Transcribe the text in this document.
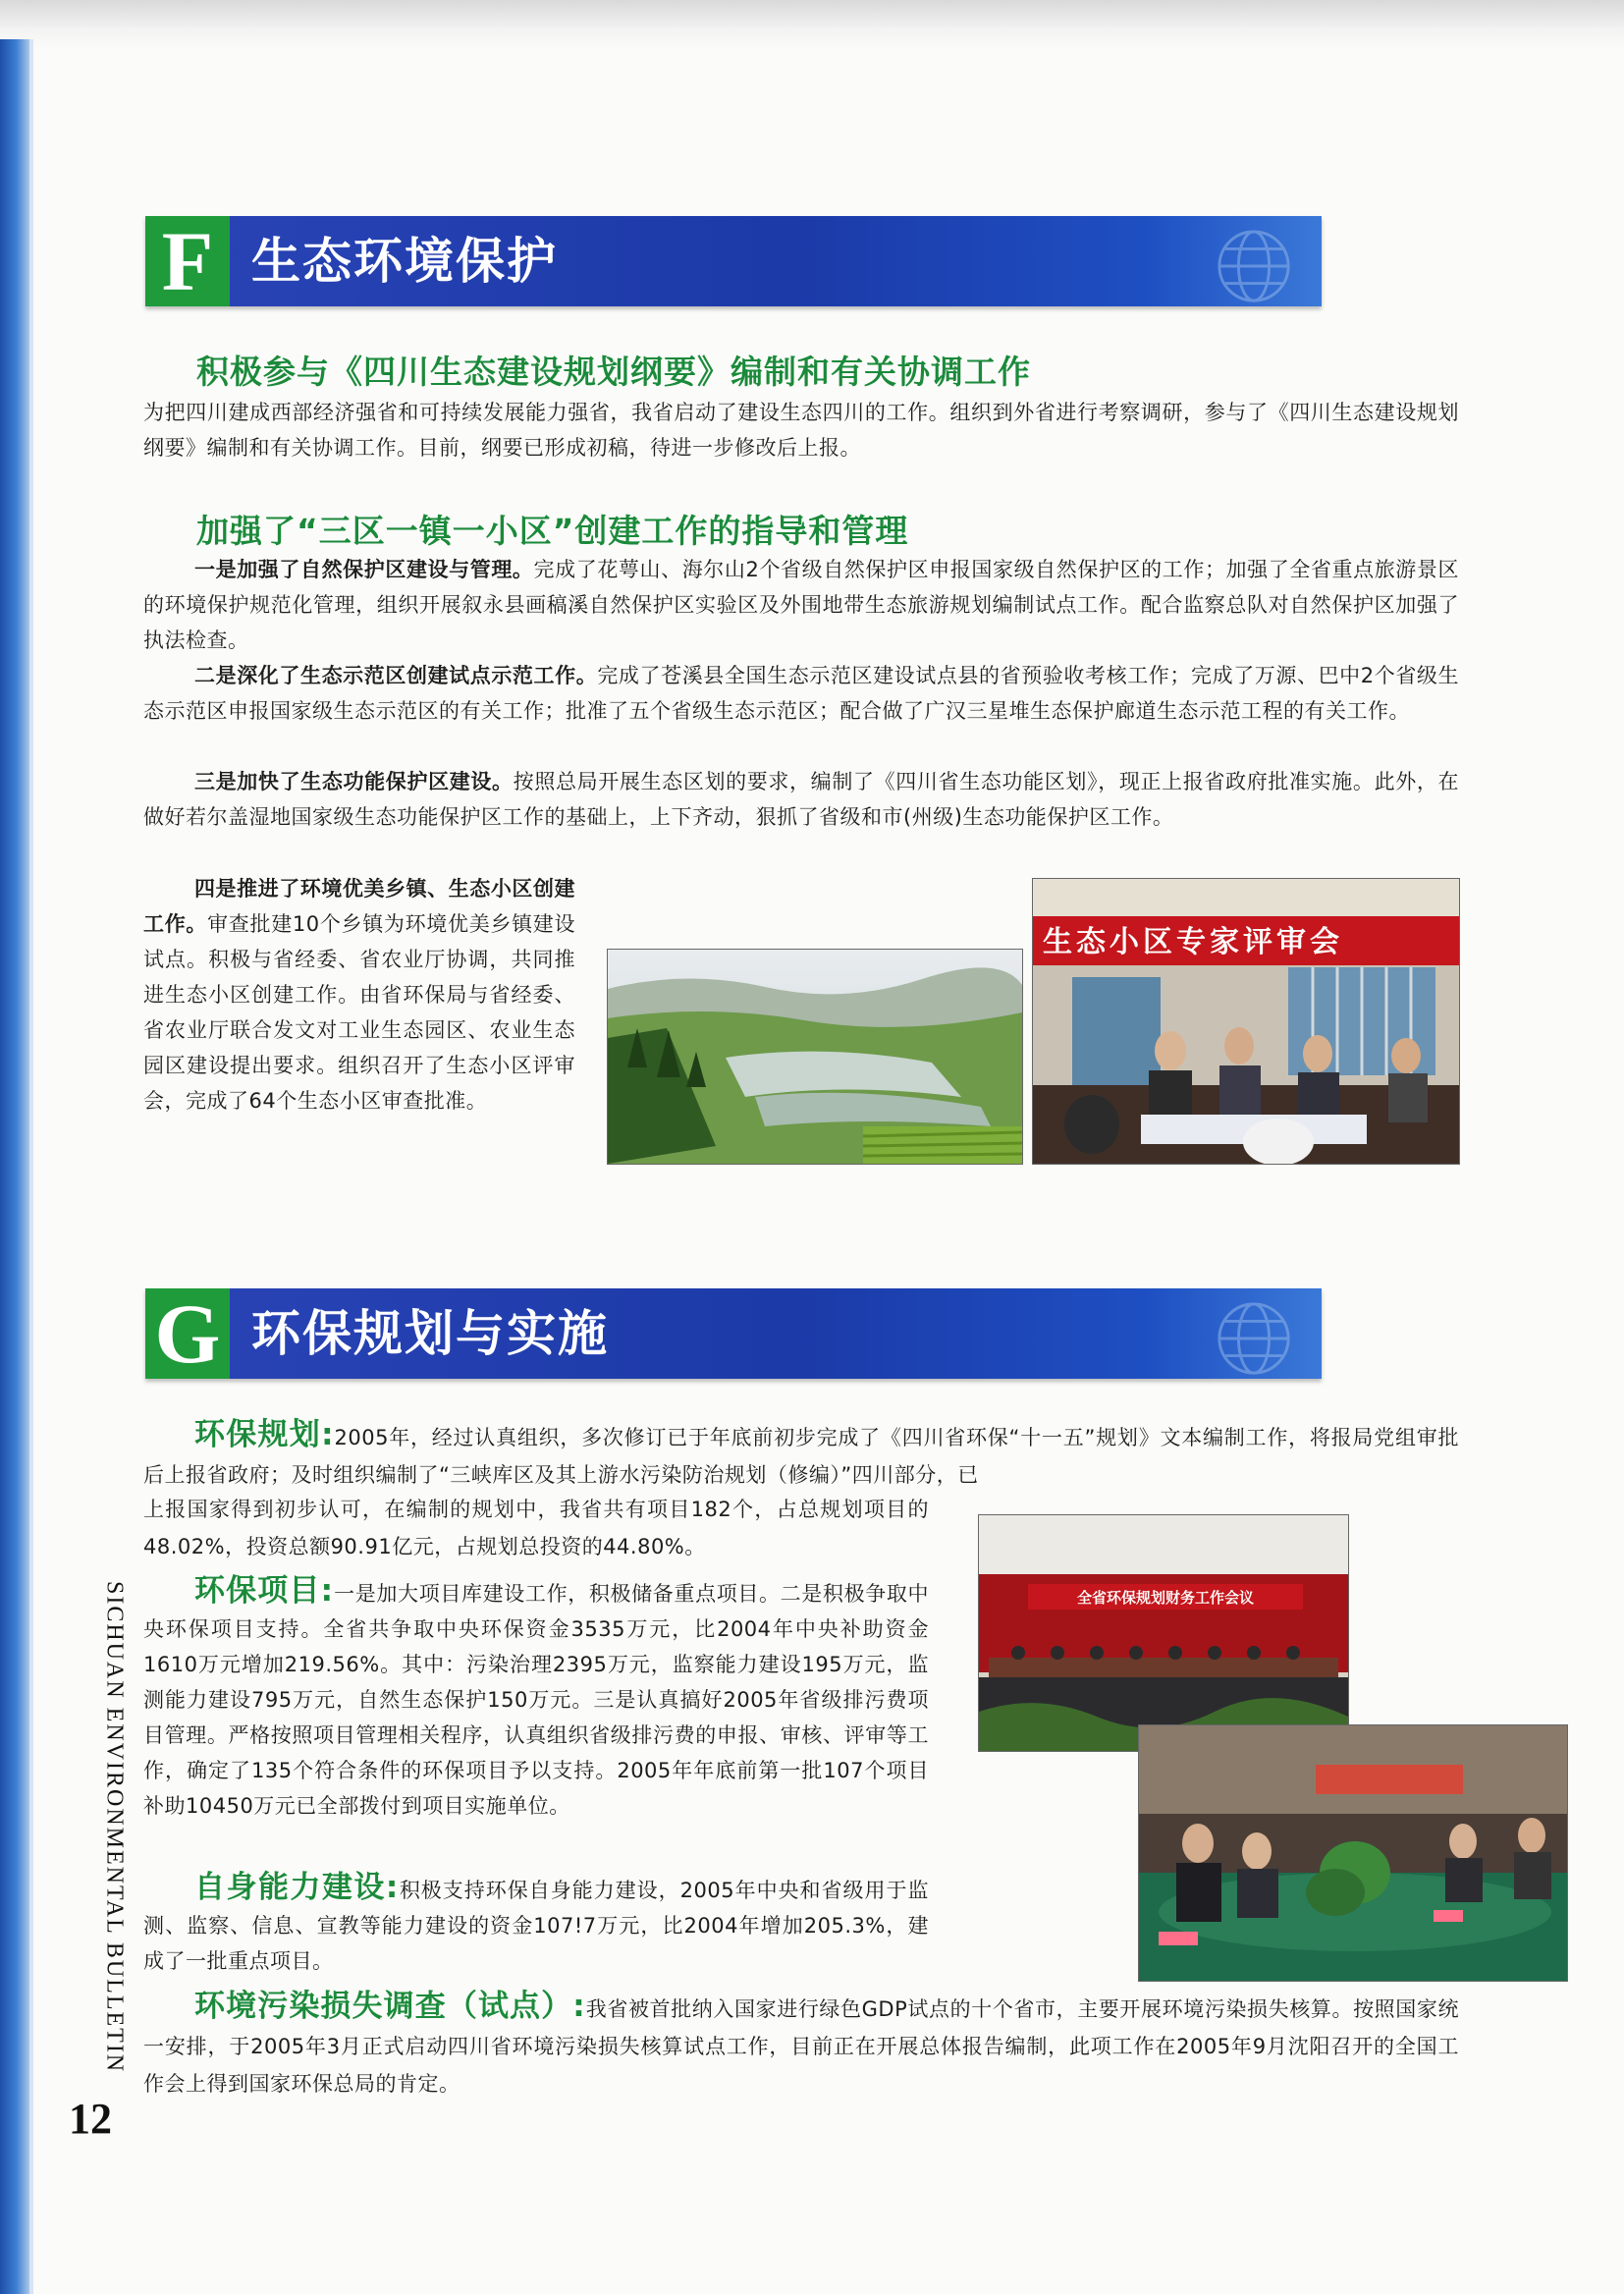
F 生态环境保护
积极参与《四川生态建设规划纲要》编制和有关协调工作
为把四川建成西部经济强省和可持续发展能力强省，我省启动了建设生态四川的工作。组织到外省进行考察调研，参与了《四川生态建设规划纲要》编制和有关协调工作。目前，纲要已形成初稿，待进一步修改后上报。
加强了“三区一镇一小区”创建工作的指导和管理
一是加强了自然保护区建设与管理。完成了花萼山、海尔山2个省级自然保护区申报国家级自然保护区的工作；加强了全省重点旅游景区的环境保护规范化管理，组织开展叙永县画稿溪自然保护区实验区及外围地带生态旅游规划编制试点工作。配合监察总队对自然保护区加强了执法检查。
二是深化了生态示范区创建试点示范工作。完成了苍溪县全国生态示范区建设试点县的省预验收考核工作；完成了万源、巴中2个省级生态示范区申报国家级生态示范区的有关工作；批准了五个省级生态示范区；配合做了广汉三星堆生态保护廊道生态示范工程的有关工作。
三是加快了生态功能保护区建设。按照总局开展生态区划的要求，编制了《四川省生态功能区划》，现正上报省政府批准实施。此外，在做好若尔盖湿地国家级生态功能保护区工作的基础上，上下齐动，狠抓了省级和市(州级)生态功能保护区工作。
四是推进了环境优美乡镇、生态小区创建工作。审查批建10个乡镇为环境优美乡镇建设试点。积极与省经委、省农业厅协调，共同推进生态小区创建工作。由省环保局与省经委、省农业厅联合发文对工业生态园区、农业生态园区建设提出要求。组织召开了生态小区评审会，完成了64个生态小区审查批准。
生态小区专家评审会
G 环保规划与实施
环保规划:2005年，经过认真组织，多次修订已于年底前初步完成了《四川省环保“十一五”规划》文本编制工作，将报局党组审批后上报省政府；及时组织编制了“三峡库区及其上游水污染防治规划（修编）”四川部分，已
上报国家得到初步认可，在编制的规划中，我省共有项目182个，占总规划项目的48.02%，投资总额90.91亿元，占规划总投资的44.80%。
环保项目:一是加大项目库建设工作，积极储备重点项目。二是积极争取中央环保项目支持。全省共争取中央环保资金3535万元，比2004年中央补助资金1610万元增加219.56%。其中：污染治理2395万元，监察能力建设195万元，监测能力建设795万元，自然生态保护150万元。三是认真搞好2005年省级排污费项目管理。严格按照项目管理相关程序，认真组织省级排污费的申报、审核、评审等工作，确定了135个符合条件的环保项目予以支持。2005年年底前第一批107个项目补助10450万元已全部拨付到项目实施单位。
自身能力建设:积极支持环保自身能力建设，2005年中央和省级用于监测、监察、信息、宣教等能力建设的资金107!7万元，比2004年增加205.3%，建成了一批重点项目。
环境污染损失调查（试点）:我省被首批纳入国家进行绿色GDP试点的十个省市，主要开展环境污染损失核算。按照国家统一安排，于2005年3月正式启动四川省环境污染损失核算试点工作，目前正在开展总体报告编制，此项工作在2005年9月沈阳召开的全国工作会上得到国家环保总局的肯定。
全省环保规划财务工作会议
SICHUAN ENVIRONMENTAL BULLETIN
12
